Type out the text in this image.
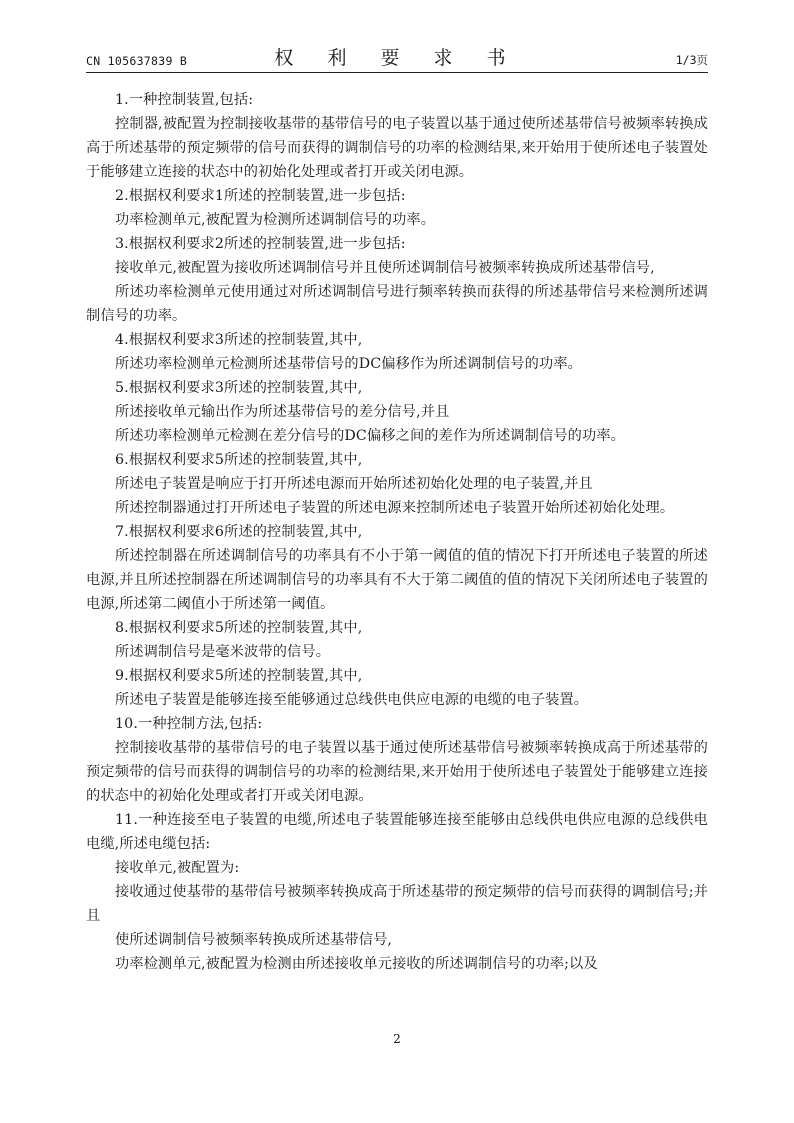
CN 105637839 B	权 利 要 求 书	1/3页

1.一种控制装置,包括:

控制器,被配置为控制接收基带的基带信号的电子装置以基于通过使所述基带信号被频率转换成高于所述基带的预定频带的信号而获得的调制信号的功率的检测结果,来开始用于使所述电子装置处于能够建立连接的状态中的初始化处理或者打开或关闭电源。

2.根据权利要求1所述的控制装置,进一步包括:

功率检测单元,被配置为检测所述调制信号的功率。

3.根据权利要求2所述的控制装置,进一步包括:

接收单元,被配置为接收所述调制信号并且使所述调制信号被频率转换成所述基带信号,

所述功率检测单元使用通过对所述调制信号进行频率转换而获得的所述基带信号来检测所述调制信号的功率。

4.根据权利要求3所述的控制装置,其中,

所述功率检测单元检测所述基带信号的DC偏移作为所述调制信号的功率。

5.根据权利要求3所述的控制装置,其中,

所述接收单元输出作为所述基带信号的差分信号,并且

所述功率检测单元检测在差分信号的DC偏移之间的差作为所述调制信号的功率。

6.根据权利要求5所述的控制装置,其中,

所述电子装置是响应于打开所述电源而开始所述初始化处理的电子装置,并且

所述控制器通过打开所述电子装置的所述电源来控制所述电子装置开始所述初始化处理。

7.根据权利要求6所述的控制装置,其中,

所述控制器在所述调制信号的功率具有不小于第一阈值的值的情况下打开所述电子装置的所述电源,并且所述控制器在所述调制信号的功率具有不大于第二阈值的值的情况下关闭所述电子装置的电源,所述第二阈值小于所述第一阈值。

8.根据权利要求5所述的控制装置,其中,

所述调制信号是毫米波带的信号。

9.根据权利要求5所述的控制装置,其中,

所述电子装置是能够连接至能够通过总线供电供应电源的电缆的电子装置。

10.一种控制方法,包括:

控制接收基带的基带信号的电子装置以基于通过使所述基带信号被频率转换成高于所述基带的预定频带的信号而获得的调制信号的功率的检测结果,来开始用于使所述电子装置处于能够建立连接的状态中的初始化处理或者打开或关闭电源。

11.一种连接至电子装置的电缆,所述电子装置能够连接至能够由总线供电供应电源的总线供电电缆,所述电缆包括:

接收单元,被配置为:

接收通过使基带的基带信号被频率转换成高于所述基带的预定频带的信号而获得的调制信号;并且

使所述调制信号被频率转换成所述基带信号,

功率检测单元,被配置为检测由所述接收单元接收的所述调制信号的功率;以及

2
